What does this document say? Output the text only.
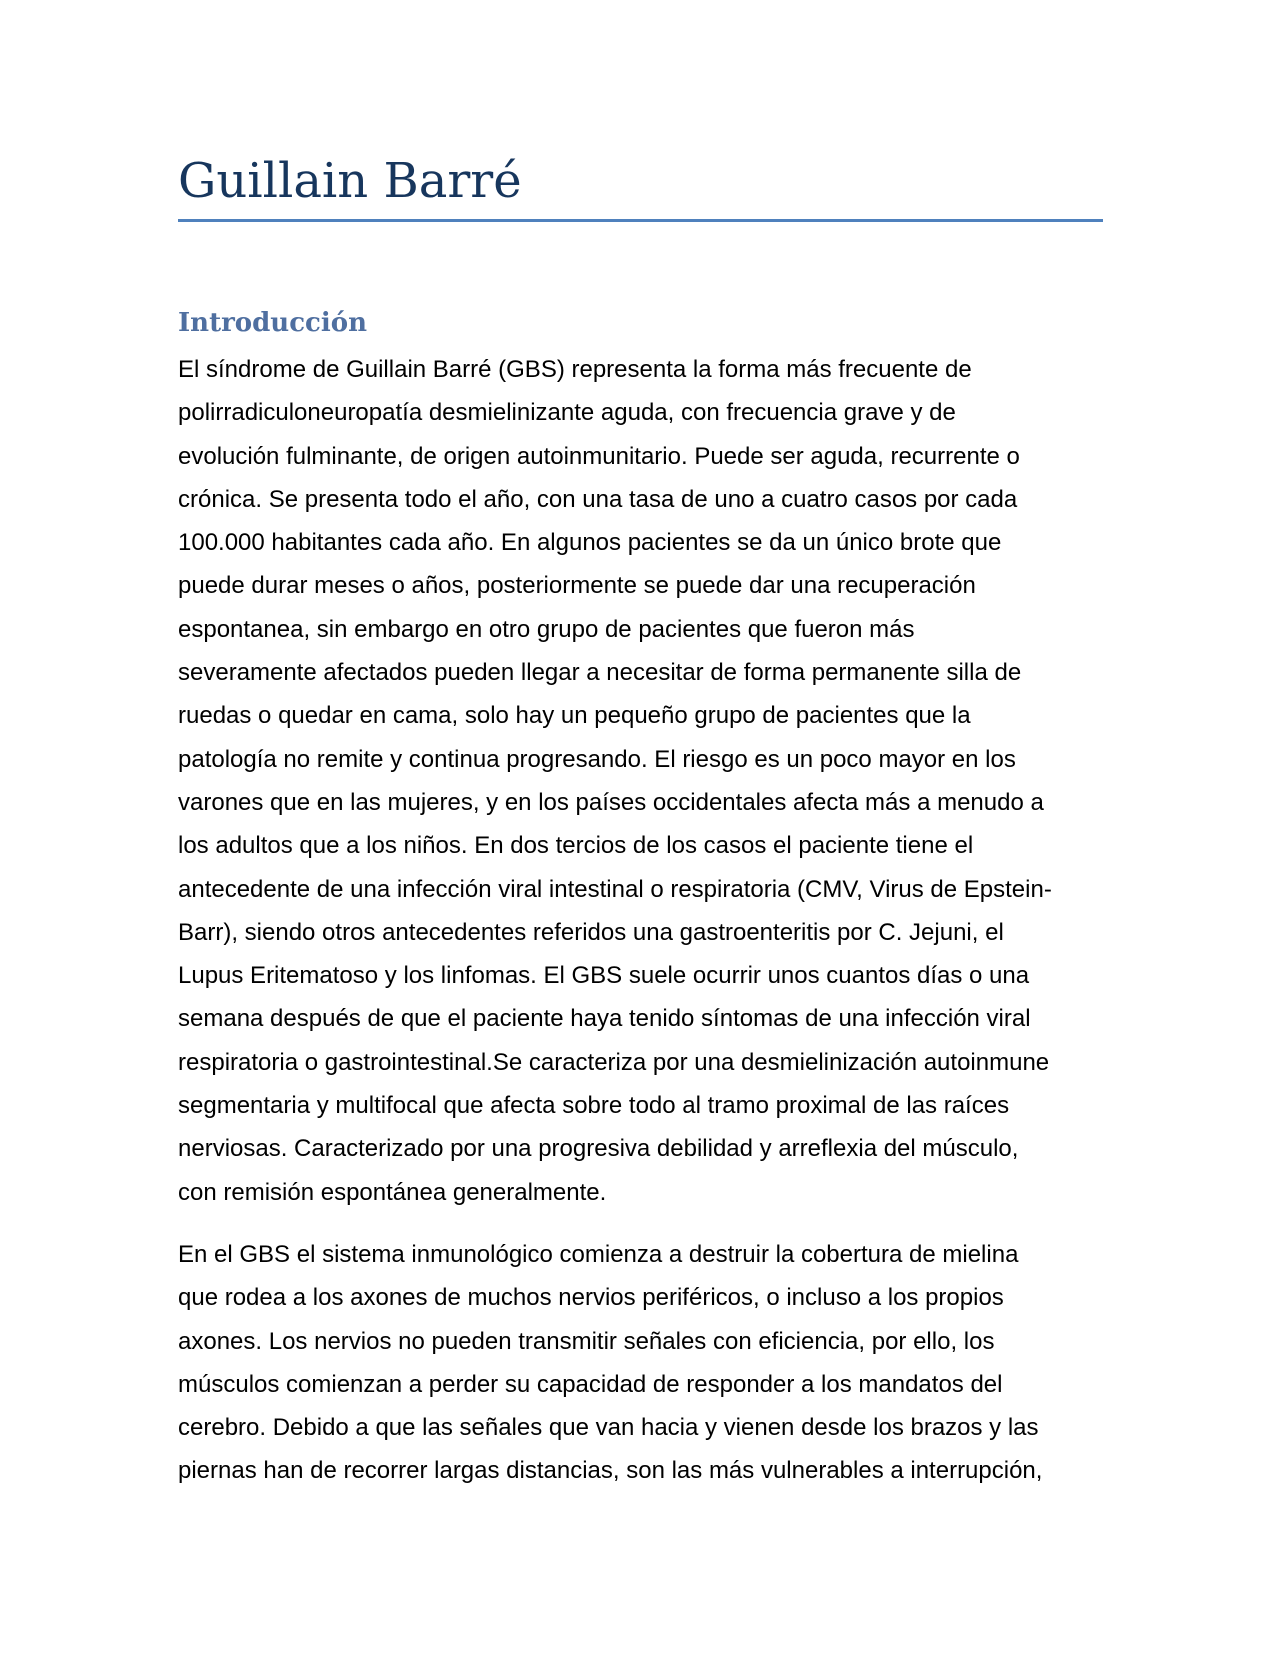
Guillain Barré
Introducción
El síndrome de Guillain Barré (GBS) representa la forma más frecuente de
polirradiculoneuropatía desmielinizante aguda, con frecuencia grave y de
evolución fulminante, de origen autoinmunitario. Puede ser aguda, recurrente o
crónica. Se presenta todo el año, con una tasa de uno a cuatro casos por cada
100.000 habitantes cada año. En algunos pacientes se da un único brote que
puede durar meses o años, posteriormente se puede dar una recuperación
espontanea, sin embargo en otro grupo de pacientes que fueron más
severamente afectados pueden llegar a necesitar de forma permanente silla de
ruedas o quedar en cama, solo hay un pequeño grupo de pacientes que la
patología no remite y continua progresando. El riesgo es un poco mayor en los
varones que en las mujeres, y en los países occidentales afecta más a menudo a
los adultos que a los niños. En dos tercios de los casos el paciente tiene el
antecedente de una infección viral intestinal o respiratoria (CMV, Virus de Epstein-
Barr), siendo otros antecedentes referidos una gastroenteritis por C. Jejuni, el
Lupus Eritematoso y los linfomas. El GBS suele ocurrir unos cuantos días o una
semana después de que el paciente haya tenido síntomas de una infección viral
respiratoria o gastrointestinal.Se caracteriza por una desmielinización autoinmune
segmentaria y multifocal que afecta sobre todo al tramo proximal de las raíces
nerviosas. Caracterizado por una progresiva debilidad y arreflexia del músculo,
con remisión espontánea generalmente.
En el GBS el sistema inmunológico comienza a destruir la cobertura de mielina
que rodea a los axones de muchos nervios periféricos, o incluso a los propios
axones. Los nervios no pueden transmitir señales con eficiencia, por ello, los
músculos comienzan a perder su capacidad de responder a los mandatos del
cerebro. Debido a que las señales que van hacia y vienen desde los brazos y las
piernas han de recorrer largas distancias, son las más vulnerables a interrupción,
